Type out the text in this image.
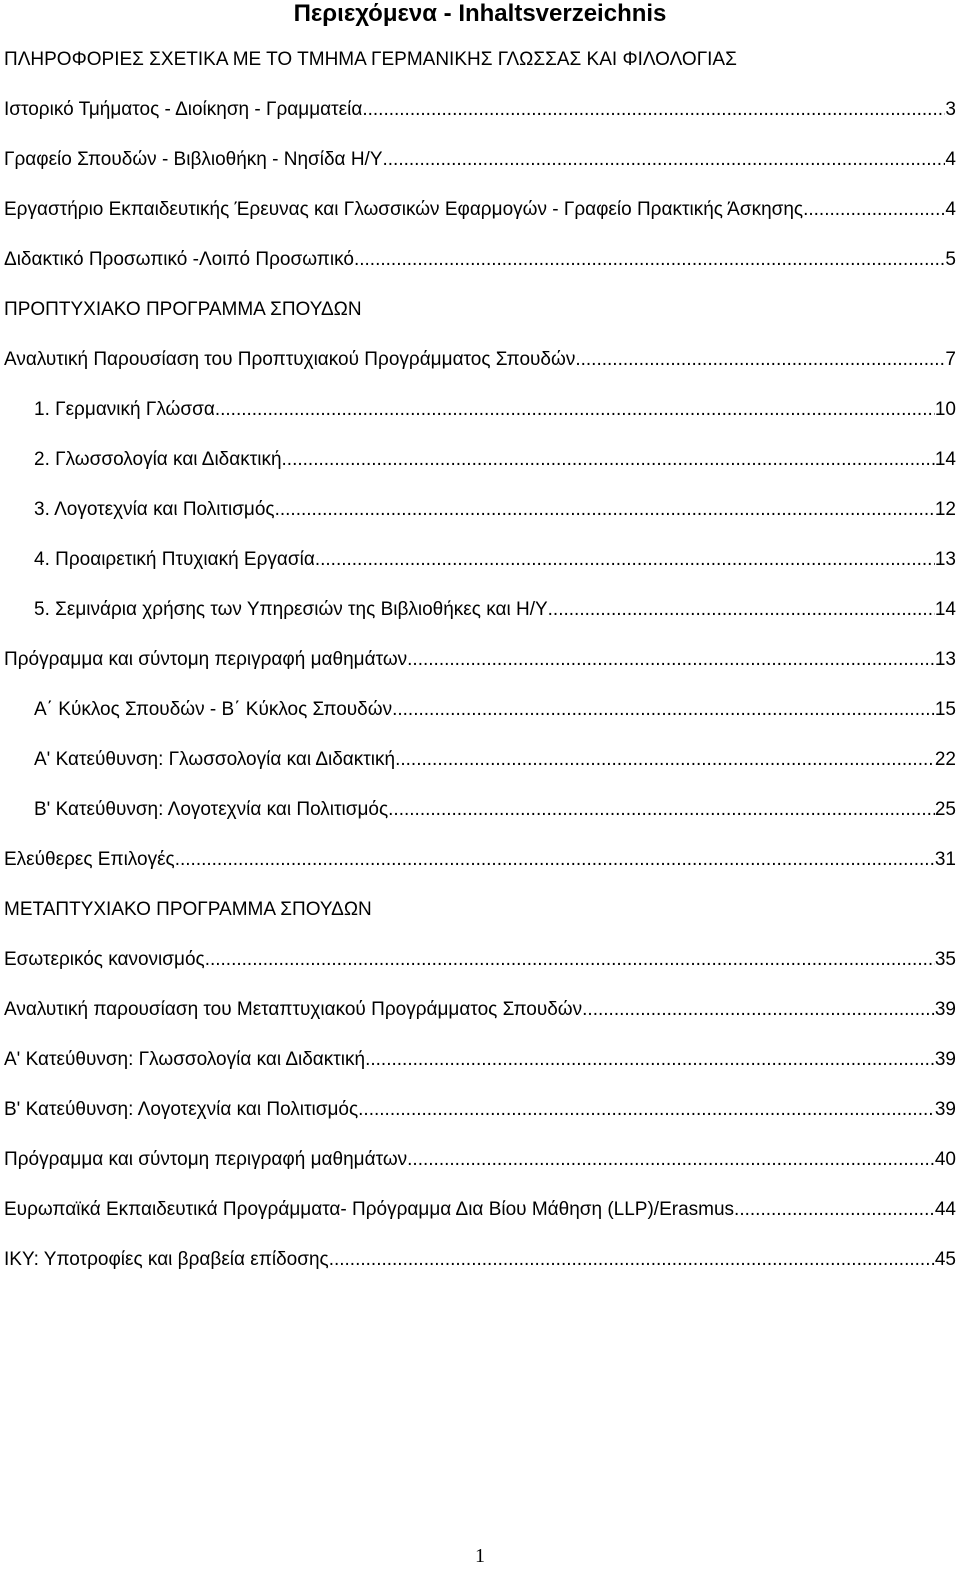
Περιεχόμενα - Inhaltsverzeichnis
ΠΛΗΡΟΦΟΡΙΕΣ ΣΧΕΤΙΚΑ ΜΕ ΤΟ ΤΜΗΜΑ ΓΕΡΜΑΝΙΚΗΣ ΓΛΩΣΣΑΣ ΚΑΙ ΦΙΛΟΛΟΓΙΑΣ
Ιστορικό Τμήματος - Διοίκηση - Γραμματεία .....	3
Γραφείο Σπουδών - Βιβλιοθήκη - Νησίδα Η/Υ .....	4
Εργαστήριο Εκπαιδευτικής Έρευνας και Γλωσσικών Εφαρμογών - Γραφείο Πρακτικής Άσκησης .....	4
Διδακτικό Προσωπικό -Λοιπό Προσωπικό .....	5
ΠΡΟΠΤΥΧΙΑΚΟ ΠΡΟΓΡΑΜΜΑ ΣΠΟΥΔΩΝ
Αναλυτική Παρουσίαση του Προπτυχιακού Προγράμματος Σπουδών .....	7
1. Γερμανική Γλώσσα .....	10
2. Γλωσσολογία και Διδακτική .....	14
3. Λογοτεχνία και Πολιτισμός .....	12
4. Προαιρετική Πτυχιακή Εργασία .....	13
5. Σεμινάρια χρήσης των Υπηρεσιών της Βιβλιοθήκες και Η/Υ .....	14
Πρόγραμμα και σύντομη περιγραφή μαθημάτων .....	13
Α΄ Κύκλος Σπουδών - Β΄ Κύκλος Σπουδών .....	15
Α' Κατεύθυνση: Γλωσσολογία και Διδακτική .....	22
Β' Κατεύθυνση: Λογοτεχνία και Πολιτισμός .....	25
Ελεύθερες Επιλογές .....	31
ΜΕΤΑΠΤΥΧΙΑΚΟ ΠΡΟΓΡΑΜΜΑ ΣΠΟΥΔΩΝ
Εσωτερικός κανονισμός .....	35
Αναλυτική παρουσίαση του Μεταπτυχιακού Προγράμματος Σπουδών .....	39
Α' Κατεύθυνση: Γλωσσολογία και Διδακτική .....	39
Β' Κατεύθυνση: Λογοτεχνία και Πολιτισμός .....	39
Πρόγραμμα και σύντομη περιγραφή μαθημάτων .....	40
Ευρωπαϊκά Εκπαιδευτικά Προγράμματα- Πρόγραμμα Δια Βίου Μάθηση (LLP)/Erasmus .....	44
ΙΚΥ: Υποτροφίες και βραβεία επίδοσης .....	45
1
